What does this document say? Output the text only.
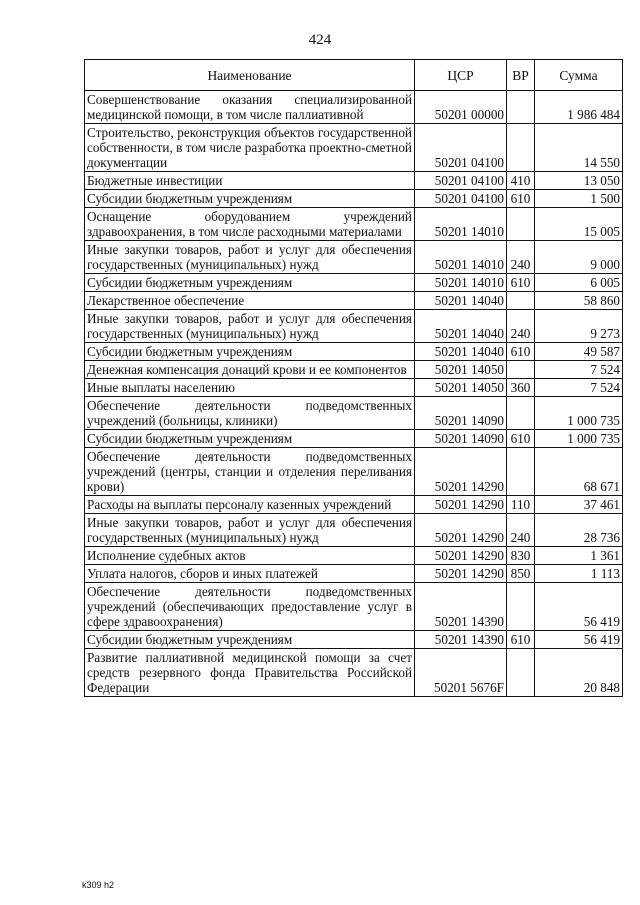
424
Наименование	ЦСР	ВР	Сумма
Совершенствование оказания специализированной медицинской помощи, в том числе паллиативной	50201 00000		1 986 484
Строительство, реконструкция объектов государственной собственности, в том числе разработка проектно-сметной документации	50201 04100		14 550
Бюджетные инвестиции	50201 04100	410	13 050
Субсидии бюджетным учреждениям	50201 04100	610	1 500
Оснащение оборудованием учреждений здравоохранения, в том числе расходными материалами	50201 14010		15 005
Иные закупки товаров, работ и услуг для обеспечения государственных (муниципальных) нужд	50201 14010	240	9 000
Субсидии бюджетным учреждениям	50201 14010	610	6 005
Лекарственное обеспечение	50201 14040		58 860
Иные закупки товаров, работ и услуг для обеспечения государственных (муниципальных) нужд	50201 14040	240	9 273
Субсидии бюджетным учреждениям	50201 14040	610	49 587
Денежная компенсация донаций крови и ее компонентов	50201 14050		7 524
Иные выплаты населению	50201 14050	360	7 524
Обеспечение деятельности подведомственных учреждений (больницы, клиники)	50201 14090		1 000 735
Субсидии бюджетным учреждениям	50201 14090	610	1 000 735
Обеспечение деятельности подведомственных учреждений (центры, станции и отделения переливания крови)	50201 14290		68 671
Расходы на выплаты персоналу казенных учреждений	50201 14290	110	37 461
Иные закупки товаров, работ и услуг для обеспечения государственных (муниципальных) нужд	50201 14290	240	28 736
Исполнение судебных актов	50201 14290	830	1 361
Уплата налогов, сборов и иных платежей	50201 14290	850	1 113
Обеспечение деятельности подведомственных учреждений (обеспечивающих предоставление услуг в сфере здравоохранения)	50201 14390		56 419
Субсидии бюджетным учреждениям	50201 14390	610	56 419
Развитие паллиативной медицинской помощи за счет средств резервного фонда Правительства Российской Федерации	50201 5676F		20 848
k309 h2
